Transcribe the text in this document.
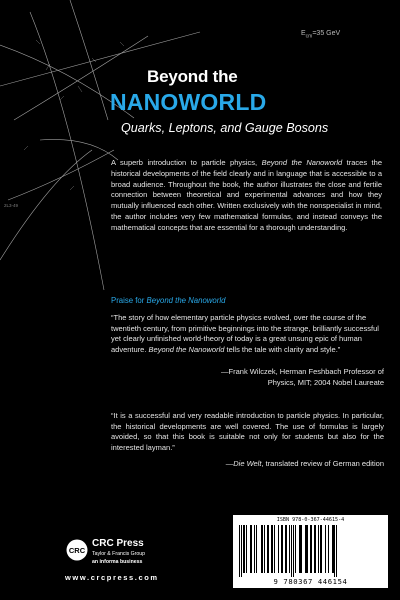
$E_{cm}=35$ GeV
2L3-49
Beyond the
NANOWORLD
Quarks, Leptons, and Gauge Bosons

A superb introduction to particle physics, Beyond the Nanoworld traces the historical developments of the field clearly and in language that is accessible to a broad audience. Throughout the book, the author illustrates the close and fertile connection between theoretical and experimental advances and how they mutually influenced each other. Written exclusively with the nonspecialist in mind, the author includes very few mathematical formulas, and instead conveys the mathematical concepts that are essential for a thorough understanding.

Praise for Beyond the Nanoworld

“The story of how elementary particle physics evolved, over the course of the twentieth century, from primitive beginnings into the strange, brilliantly successful yet clearly unfinished world-theory of today is a great unsung epic of human adventure. Beyond the Nanoworld tells the tale with clarity and style.”

—Frank Wilczek, Herman Feshbach Professor of
Physics, MIT; 2004 Nobel Laureate

“It is a successful and very readable introduction to particle physics. In particular, the historical developments are well covered. The use of formulas is largely avoided, so that this book is suitable not only for students but also for the interested layman.”

—Die Welt, translated review of German edition
CRC
CRC Press
Taylor & Francis Group
an informa business
www.crcpress.com
ISBN 978-0-367-44615-4
9 780367 446154
